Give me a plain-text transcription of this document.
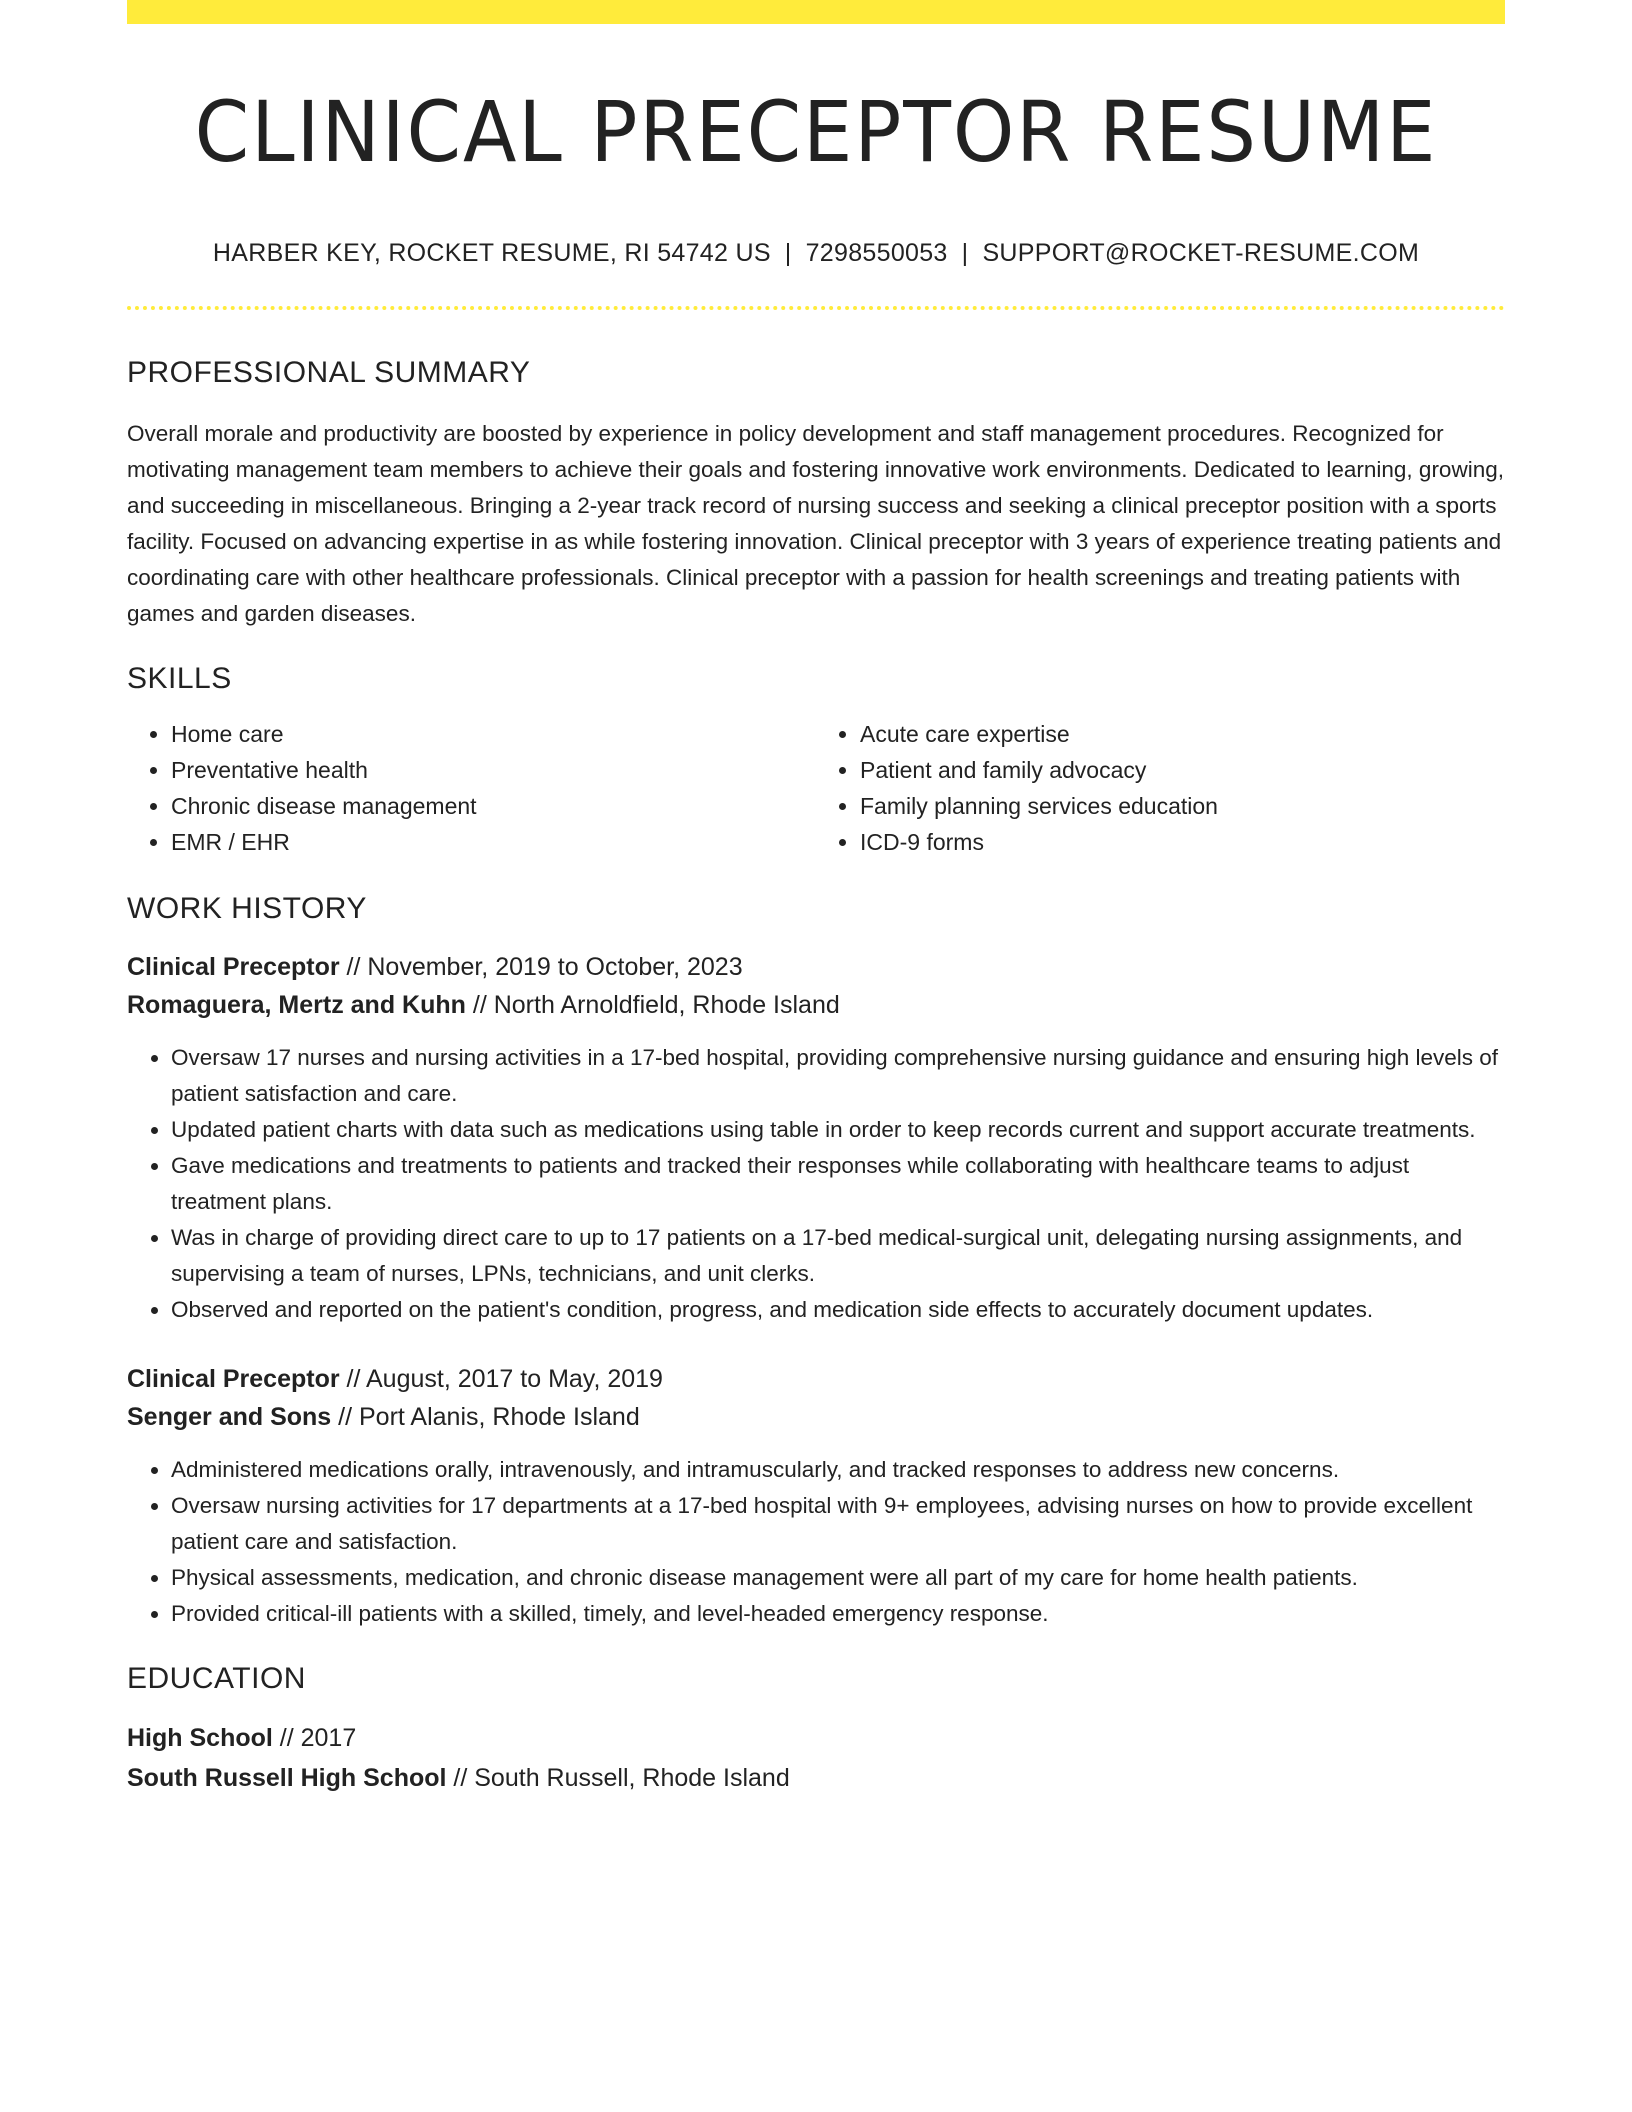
CLINICAL PRECEPTOR RESUME
HARBER KEY, ROCKET RESUME, RI 54742 US | 7298550053 | SUPPORT@ROCKET-RESUME.COM
PROFESSIONAL SUMMARY
Overall morale and productivity are boosted by experience in policy development and staff management procedures. Recognized for motivating management team members to achieve their goals and fostering innovative work environments. Dedicated to learning, growing, and succeeding in miscellaneous. Bringing a 2-year track record of nursing success and seeking a clinical preceptor position with a sports facility. Focused on advancing expertise in as while fostering innovation. Clinical preceptor with 3 years of experience treating patients and coordinating care with other healthcare professionals. Clinical preceptor with a passion for health screenings and treating patients with games and garden diseases.
SKILLS
• Home care
• Preventative health
• Chronic disease management
• EMR / EHR
• Acute care expertise
• Patient and family advocacy
• Family planning services education
• ICD-9 forms
WORK HISTORY
Clinical Preceptor // November, 2019 to October, 2023
Romaguera, Mertz and Kuhn // North Arnoldfield, Rhode Island
• Oversaw 17 nurses and nursing activities in a 17-bed hospital, providing comprehensive nursing guidance and ensuring high levels of patient satisfaction and care.
• Updated patient charts with data such as medications using table in order to keep records current and support accurate treatments.
• Gave medications and treatments to patients and tracked their responses while collaborating with healthcare teams to adjust treatment plans.
• Was in charge of providing direct care to up to 17 patients on a 17-bed medical-surgical unit, delegating nursing assignments, and supervising a team of nurses, LPNs, technicians, and unit clerks.
• Observed and reported on the patient's condition, progress, and medication side effects to accurately document updates.
Clinical Preceptor // August, 2017 to May, 2019
Senger and Sons // Port Alanis, Rhode Island
• Administered medications orally, intravenously, and intramuscularly, and tracked responses to address new concerns.
• Oversaw nursing activities for 17 departments at a 17-bed hospital with 9+ employees, advising nurses on how to provide excellent patient care and satisfaction.
• Physical assessments, medication, and chronic disease management were all part of my care for home health patients.
• Provided critical-ill patients with a skilled, timely, and level-headed emergency response.
EDUCATION
High School // 2017
South Russell High School // South Russell, Rhode Island
